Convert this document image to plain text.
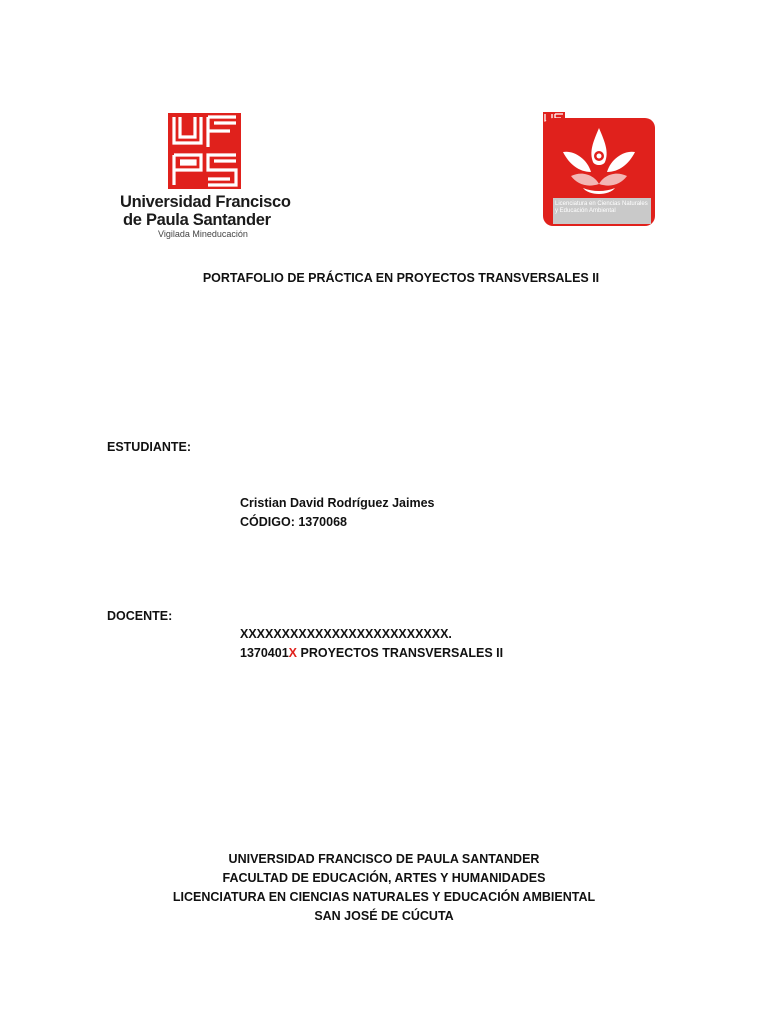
Universidad Francisco
de Paula Santander
Vigilada Mineducación
Licenciatura en Ciencias Naturales y Educación Ambiental
PORTAFOLIO DE PRÁCTICA EN PROYECTOS TRANSVERSALES II
ESTUDIANTE:
Cristian David Rodríguez Jaimes
CÓDIGO: 1370068
DOCENTE:
XXXXXXXXXXXXXXXXXXXXXXXXX.
1370401X PROYECTOS TRANSVERSALES II
UNIVERSIDAD FRANCISCO DE PAULA SANTANDER
FACULTAD DE EDUCACIÓN, ARTES Y HUMANIDADES
LICENCIATURA EN CIENCIAS NATURALES Y EDUCACIÓN AMBIENTAL
SAN JOSÉ DE CÚCUTA
